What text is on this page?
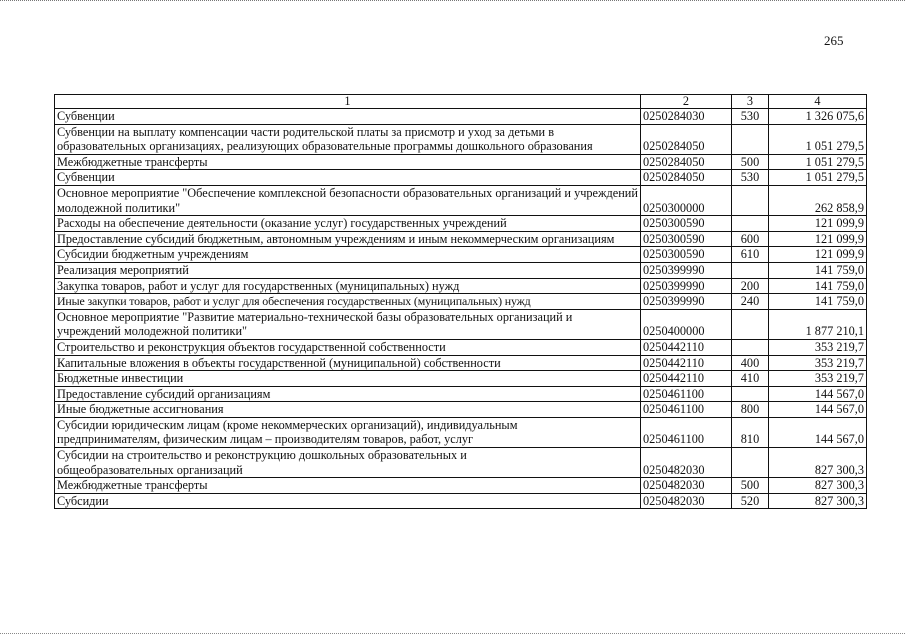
265
1	2	3	4
Субвенции	0250284030	530	1 326 075,6
Субвенции на выплату компенсации части родительской платы за присмотр и уход за детьми в образовательных организациях, реализующих образовательные программы дошкольного образования	0250284050		1 051 279,5
Межбюджетные трансферты	0250284050	500	1 051 279,5
Субвенции	0250284050	530	1 051 279,5
Основное мероприятие "Обеспечение комплексной безопасности образовательных организаций и учреждений молодежной политики"	0250300000		262 858,9
Расходы на обеспечение деятельности (оказание услуг) государственных учреждений	0250300590		121 099,9
Предоставление субсидий бюджетным, автономным учреждениям и иным некоммерческим организациям	0250300590	600	121 099,9
Субсидии бюджетным учреждениям	0250300590	610	121 099,9
Реализация мероприятий	0250399990		141 759,0
Закупка товаров, работ и услуг для государственных (муниципальных) нужд	0250399990	200	141 759,0
Иные закупки товаров, работ и услуг для обеспечения государственных (муниципальных) нужд	0250399990	240	141 759,0
Основное мероприятие "Развитие материально-технической базы образовательных организаций и учреждений молодежной политики"	0250400000		1 877 210,1
Строительство и реконструкция объектов государственной собственности	0250442110		353 219,7
Капитальные вложения в объекты государственной (муниципальной) собственности	0250442110	400	353 219,7
Бюджетные инвестиции	0250442110	410	353 219,7
Предоставление субсидий организациям	0250461100		144 567,0
Иные бюджетные ассигнования	0250461100	800	144 567,0
Субсидии юридическим лицам (кроме некоммерческих организаций), индивидуальным предпринимателям, физическим лицам – производителям товаров, работ, услуг	0250461100	810	144 567,0
Субсидии на строительство и реконструкцию дошкольных образовательных и общеобразовательных организаций	0250482030		827 300,3
Межбюджетные трансферты	0250482030	500	827 300,3
Субсидии	0250482030	520	827 300,3
